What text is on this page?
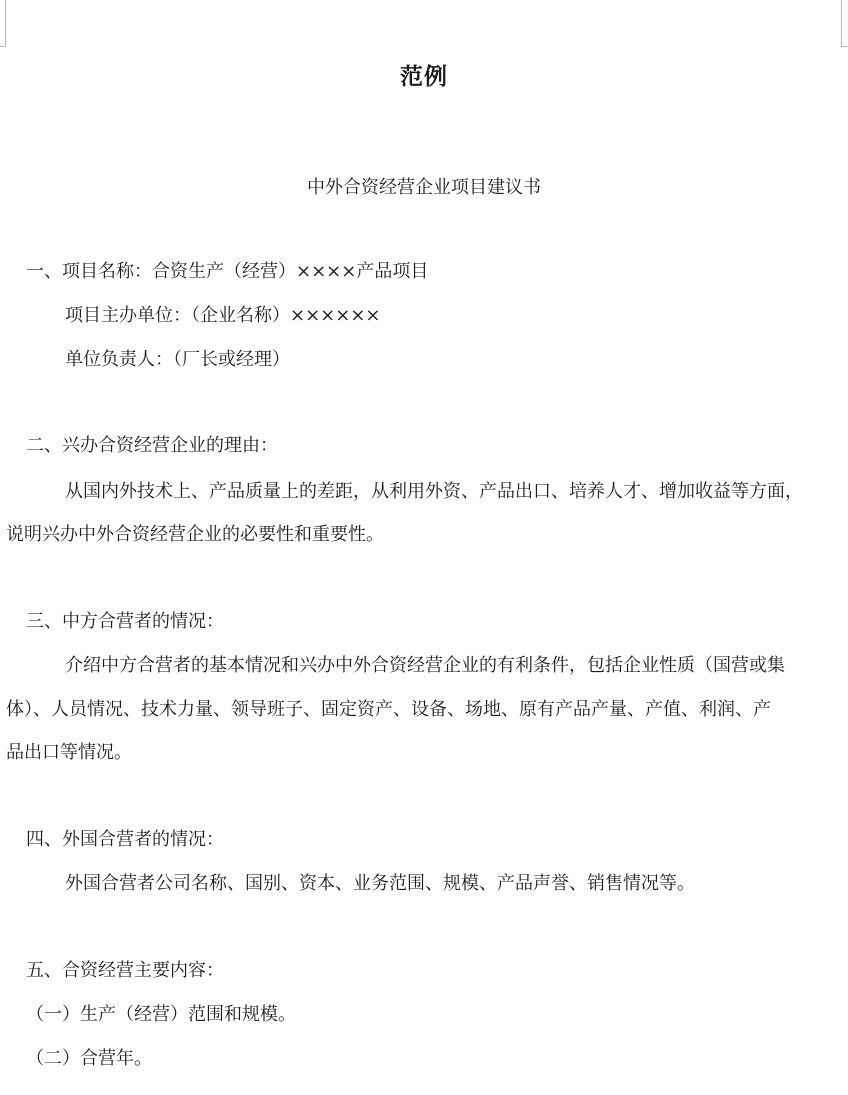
范例
中外合资经营企业项目建议书
一、项目名称：合资生产（经营）××××产品项目
项目主办单位：（企业名称）××××××
单位负责人：（厂长或经理）
二、兴办合资经营企业的理由：
从国内外技术上、产品质量上的差距，从利用外资、产品出口、培养人才、增加收益等方面，
说明兴办中外合资经营企业的必要性和重要性。
三、中方合营者的情况：
介绍中方合营者的基本情况和兴办中外合资经营企业的有利条件，包括企业性质（国营或集
体）、人员情况、技术力量、领导班子、固定资产、设备、场地、原有产品产量、产值、利润、产
品出口等情况。
四、外国合营者的情况：
外国合营者公司名称、国别、资本、业务范围、规模、产品声誉、销售情况等。
五、合资经营主要内容：
（一）生产（经营）范围和规模。
（二）合营年。
